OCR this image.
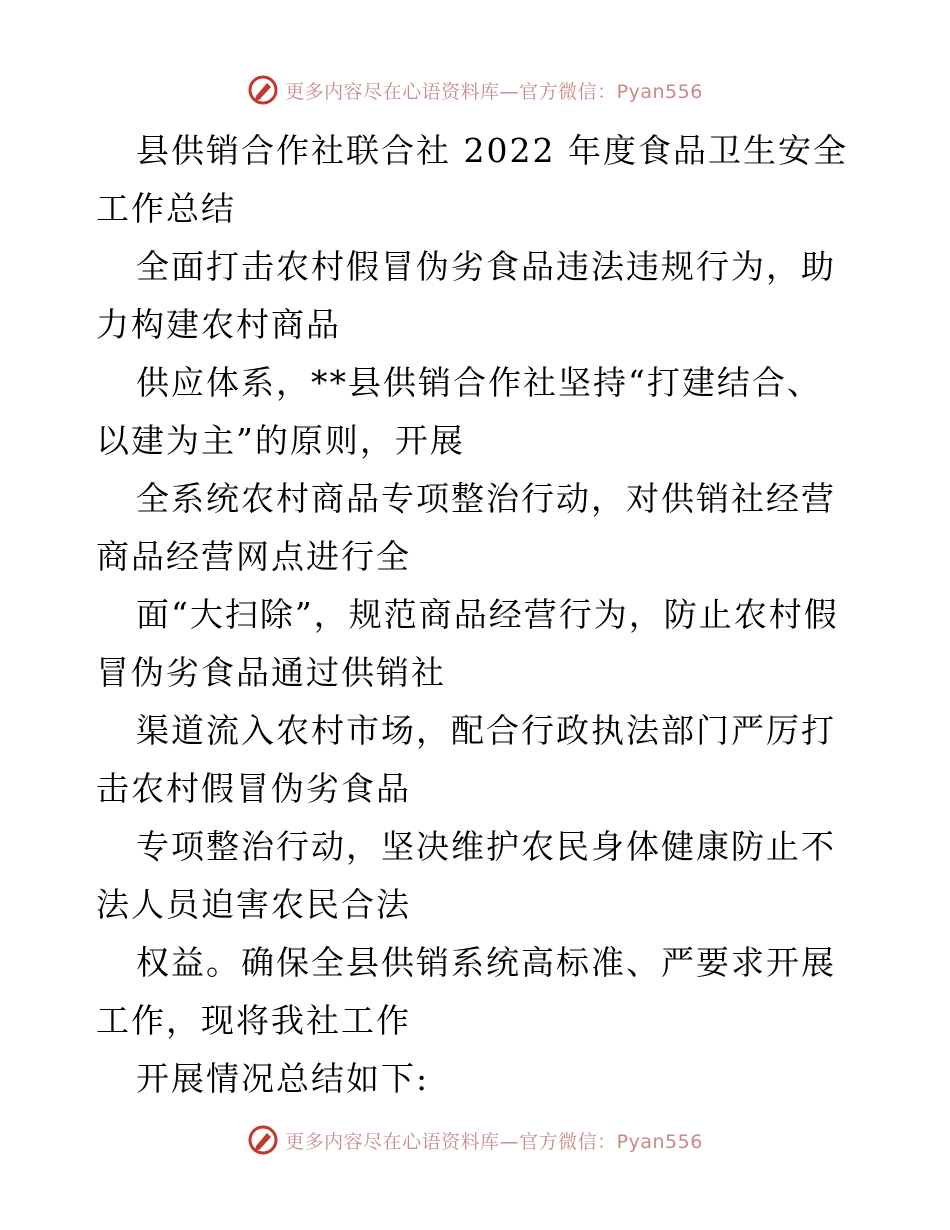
更多内容尽在心语资料库—官方微信：Pyan556

县供销合作社联合社 2022 年度食品卫生安全工作总结

全面打击农村假冒伪劣食品违法违规行为，助力构建农村商品

供应体系，**县供销合作社坚持“打建结合、以建为主”的原则，开展

全系统农村商品专项整治行动，对供销社经营商品经营网点进行全

面“大扫除”，规范商品经营行为，防止农村假冒伪劣食品通过供销社

渠道流入农村市场，配合行政执法部门严厉打击农村假冒伪劣食品

专项整治行动，坚决维护农民身体健康防止不法人员迫害农民合法

权益。确保全县供销系统高标准、严要求开展工作，现将我社工作

开展情况总结如下:

更多内容尽在心语资料库—官方微信：Pyan556
